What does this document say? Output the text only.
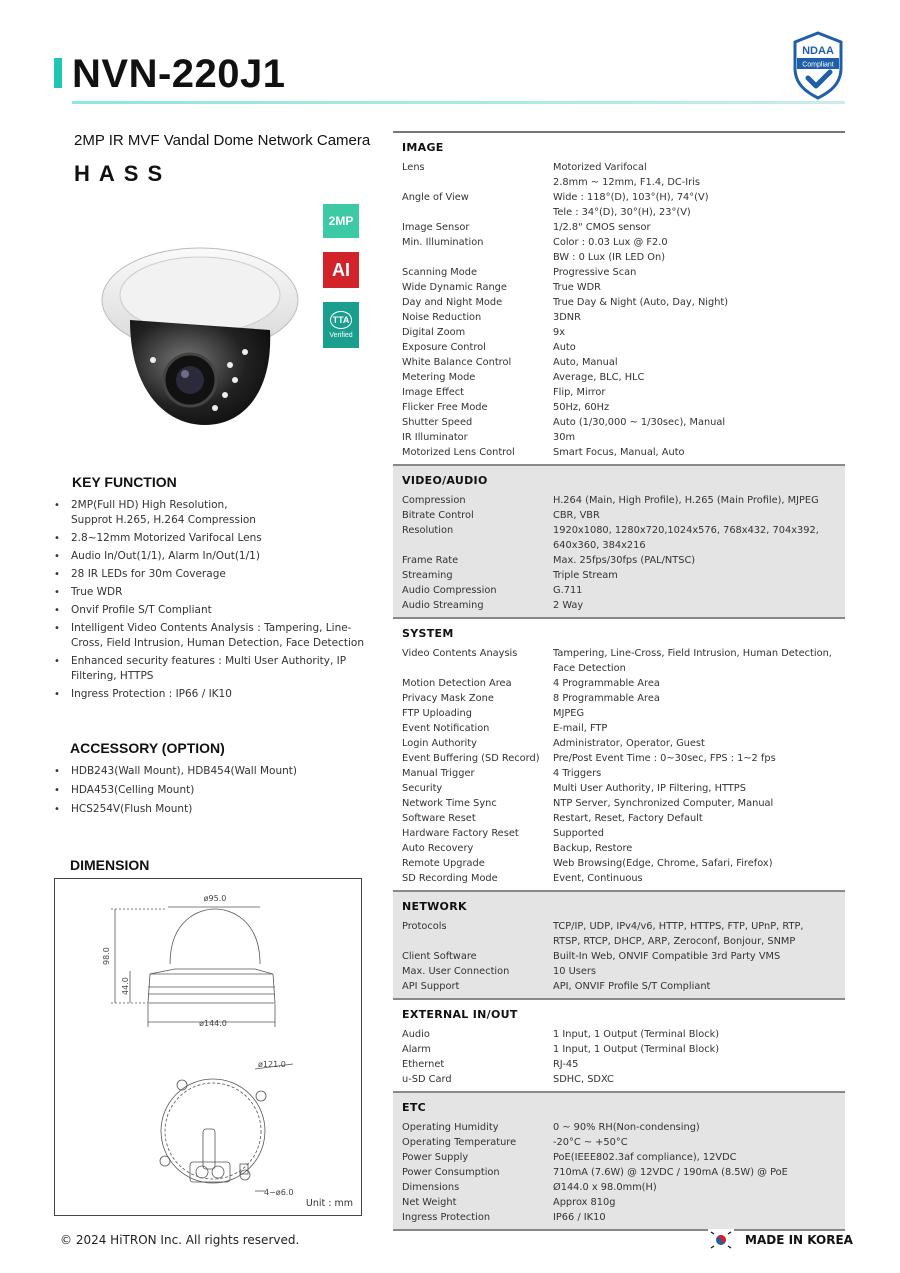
NVN-220J1
NDAA
Compliant
2MP IR MVF Vandal Dome Network Camera
HASS
2MP
AI
TTA
Verified
KEY FUNCTION
• 2MP(Full HD) High Resolution,
Supprot H.265, H.264 Compression
• 2.8~12mm Motorized Varifocal Lens
• Audio In/Out(1/1), Alarm In/Out(1/1)
• 28 IR LEDs for 30m Coverage
• True WDR
• Onvif Profile S/T Compliant
• Intelligent Video Contents Analysis : Tampering, Line-Cross, Field Intrusion, Human Detection, Face Detection
• Enhanced security features : Multi User Authority, IP Filtering, HTTPS
• Ingress Protection : IP66 / IK10
ACCESSORY (OPTION)
• HDB243(Wall Mount), HDB454(Wall Mount)
• HDA453(Celling Mount)
• HCS254V(Flush Mount)
DIMENSION
ø95.0
98.0
44.0
ø144.0
ø121.0
4−ø6.0
Unit : mm
IMAGE
Lens	Motorized Varifocal
2.8mm ~ 12mm, F1.4, DC-Iris
Angle of View	Wide : 118°(D), 103°(H), 74°(V)
Tele : 34°(D), 30°(H), 23°(V)
Image Sensor	1/2.8" CMOS sensor
Min. Illumination	Color : 0.03 Lux @ F2.0
BW : 0 Lux (IR LED On)
Scanning Mode	Progressive Scan
Wide Dynamic Range	True WDR
Day and Night Mode	True Day & Night (Auto, Day, Night)
Noise Reduction	3DNR
Digital Zoom	9x
Exposure Control	Auto
White Balance Control	Auto, Manual
Metering Mode	Average, BLC, HLC
Image Effect	Flip, Mirror
Flicker Free Mode	50Hz, 60Hz
Shutter Speed	Auto (1/30,000 ~ 1/30sec), Manual
IR Illuminator	30m
Motorized Lens Control	Smart Focus, Manual, Auto
VIDEO/AUDIO
Compression	H.264 (Main, High Profile), H.265 (Main Profile), MJPEG
Bitrate Control	CBR, VBR
Resolution	1920x1080, 1280x720,1024x576, 768x432, 704x392,
640x360, 384x216
Frame Rate	Max. 25fps/30fps (PAL/NTSC)
Streaming	Triple Stream
Audio Compression	G.711
Audio Streaming	2 Way
SYSTEM
Video Contents Anaysis	Tampering, Line-Cross, Field Intrusion, Human Detection,
Face Detection
Motion Detection Area	4 Programmable Area
Privacy Mask Zone	8 Programmable Area
FTP Uploading	MJPEG
Event Notification	E-mail, FTP
Login Authority	Administrator, Operator, Guest
Event Buffering (SD Record)	Pre/Post Event Time : 0~30sec, FPS : 1~2 fps
Manual Trigger	4 Triggers
Security	Multi User Authority, IP Filtering, HTTPS
Network Time Sync	NTP Server, Synchronized Computer, Manual
Software Reset	Restart, Reset, Factory Default
Hardware Factory Reset	Supported
Auto Recovery	Backup, Restore
Remote Upgrade	Web Browsing(Edge, Chrome, Safari, Firefox)
SD Recording Mode	Event, Continuous
NETWORK
Protocols	TCP/IP, UDP, IPv4/v6, HTTP, HTTPS, FTP, UPnP, RTP,
RTSP, RTCP, DHCP, ARP, Zeroconf, Bonjour, SNMP
Client Software	Built-In Web, ONVIF Compatible 3rd Party VMS
Max. User Connection	10 Users
API Support	API, ONVIF Profile S/T Compliant
EXTERNAL IN/OUT
Audio	1 Input, 1 Output (Terminal Block)
Alarm	1 Input, 1 Output (Terminal Block)
Ethernet	RJ-45
u-SD Card	SDHC, SDXC
ETC
Operating Humidity	0 ~ 90% RH(Non-condensing)
Operating Temperature	-20°C ~ +50°C
Power Supply	PoE(IEEE802.3af compliance), 12VDC
Power Consumption	710mA (7.6W) @ 12VDC / 190mA (8.5W) @ PoE
Dimensions	Ø144.0 x 98.0mm(H)
Net Weight	Approx 810g
Ingress Protection	IP66 / IK10
© 2024 HiTRON Inc. All rights reserved.	MADE IN KOREA
